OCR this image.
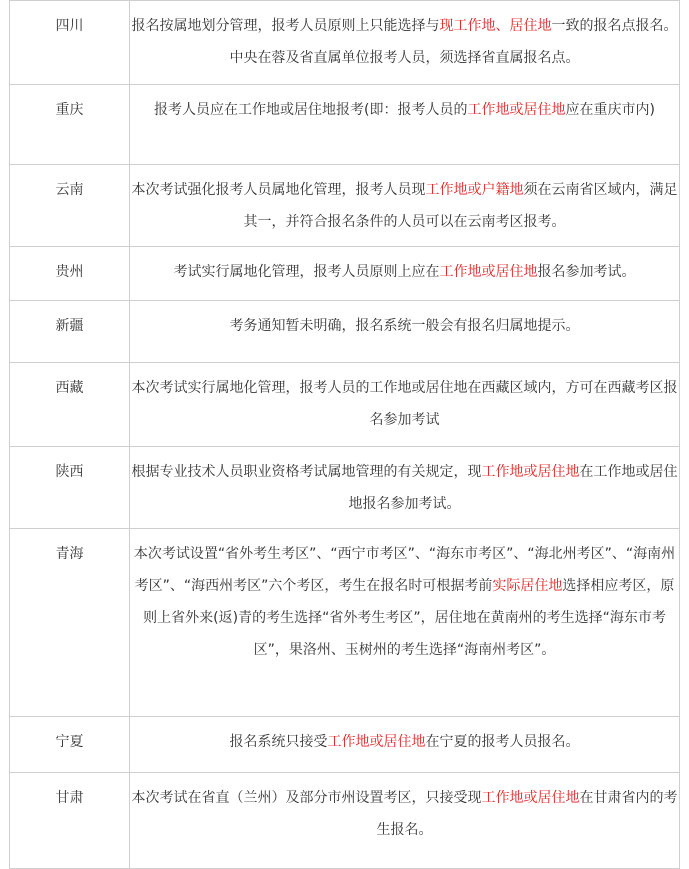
四川	报名按属地划分管理，报考人员原则上只能选择与现工作地、居住地一致的报名点报名。中央在蓉及省直属单位报考人员，须选择省直属报名点。

重庆	报考人员应在工作地或居住地报考(即：报考人员的工作地或居住地应在重庆市内)

云南	本次考试强化报考人员属地化管理，报考人员现工作地或户籍地须在云南省区域内，满足其一，并符合报名条件的人员可以在云南考区报考。

贵州	考试实行属地化管理，报考人员原则上应在工作地或居住地报名参加考试。

新疆	考务通知暂未明确，报名系统一般会有报名归属地提示。

西藏	本次考试实行属地化管理，报考人员的工作地或居住地在西藏区域内，方可在西藏考区报名参加考试

陕西	根据专业技术人员职业资格考试属地管理的有关规定，现工作地或居住地在工作地或居住地报名参加考试。

青海	本次考试设置“省外考生考区”、“西宁市考区”、“海东市考区”、“海北州考区”、“海南州考区”、“海西州考区”六个考区，考生在报名时可根据考前实际居住地选择相应考区，原则上省外来(返)青的考生选择“省外考生考区”，居住地在黄南州的考生选择“海东市考区”，果洛州、玉树州的考生选择“海南州考区”。

宁夏	报名系统只接受工作地或居住地在宁夏的报考人员报名。

甘肃	本次考试在省直（兰州）及部分市州设置考区，只接受现工作地或居住地在甘肃省内的考生报名。
